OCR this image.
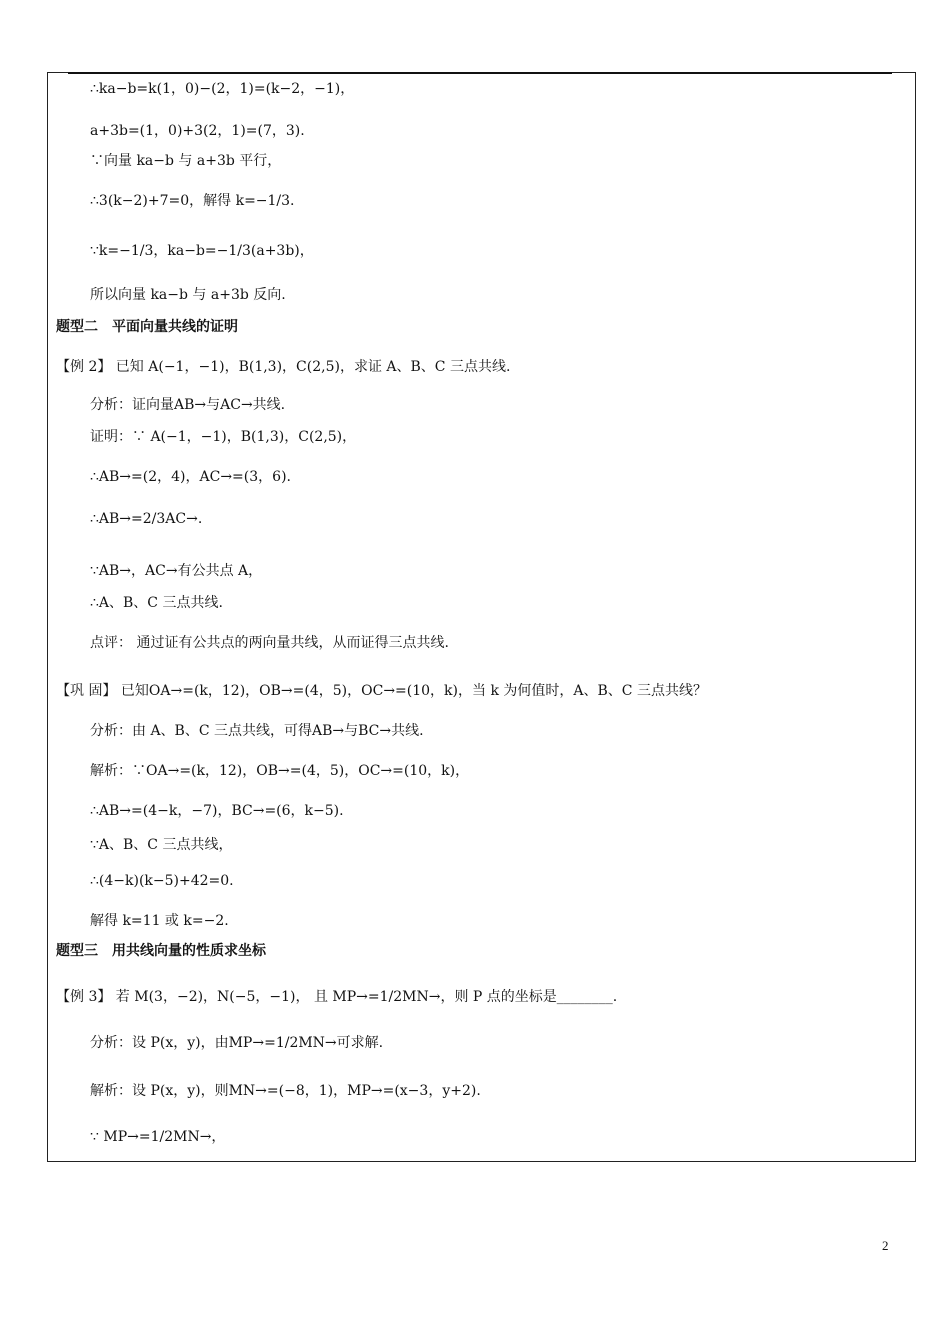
∴ka−b=k(1，0)−(2，1)=(k−2，−1)，
a+3b=(1，0)+3(2，1)=(7，3).
∵向量 ka−b 与 a+3b 平行，
∴3(k−2)+7=0，解得 k=−1/3.
∵k=−1/3，ka−b=−1/3(a+3b)，
所以向量 ka−b 与 a+3b 反向.
题型二　平面向量共线的证明
【例 2】 已知 A(−1，−1)，B(1,3)，C(2,5)，求证 A、B、C 三点共线.
分析：证向量AB→与AC→共线.
证明：∵ A(−1，−1)，B(1,3)，C(2,5)，
∴AB→=(2，4)，AC→=(3，6).
∴AB→=2/3AC→.
∵AB→，AC→有公共点 A，
∴A、B、C 三点共线.
点评： 通过证有公共点的两向量共线，从而证得三点共线.
【巩 固】 已知OA→=(k，12)，OB→=(4，5)，OC→=(10，k)，当 k 为何值时，A、B、C 三点共线？
分析：由 A、B、C 三点共线，可得AB→与BC→共线.
解析：∵OA→=(k，12)，OB→=(4，5)，OC→=(10，k)，
∴AB→=(4−k，−7)，BC→=(6，k−5).
∵A、B、C 三点共线，
∴(4−k)(k−5)+42=0.
解得 k=11 或 k=−2.
题型三　用共线向量的性质求坐标
【例 3】 若 M(3，−2)，N(−5，−1)， 且 MP→=1/2MN→，则 P 点的坐标是________.
分析：设 P(x，y)，由MP→=1/2MN→可求解.
解析：设 P(x，y)，则MN→=(−8，1)，MP→=(x−3，y+2).
∵ MP→=1/2MN→，
2
